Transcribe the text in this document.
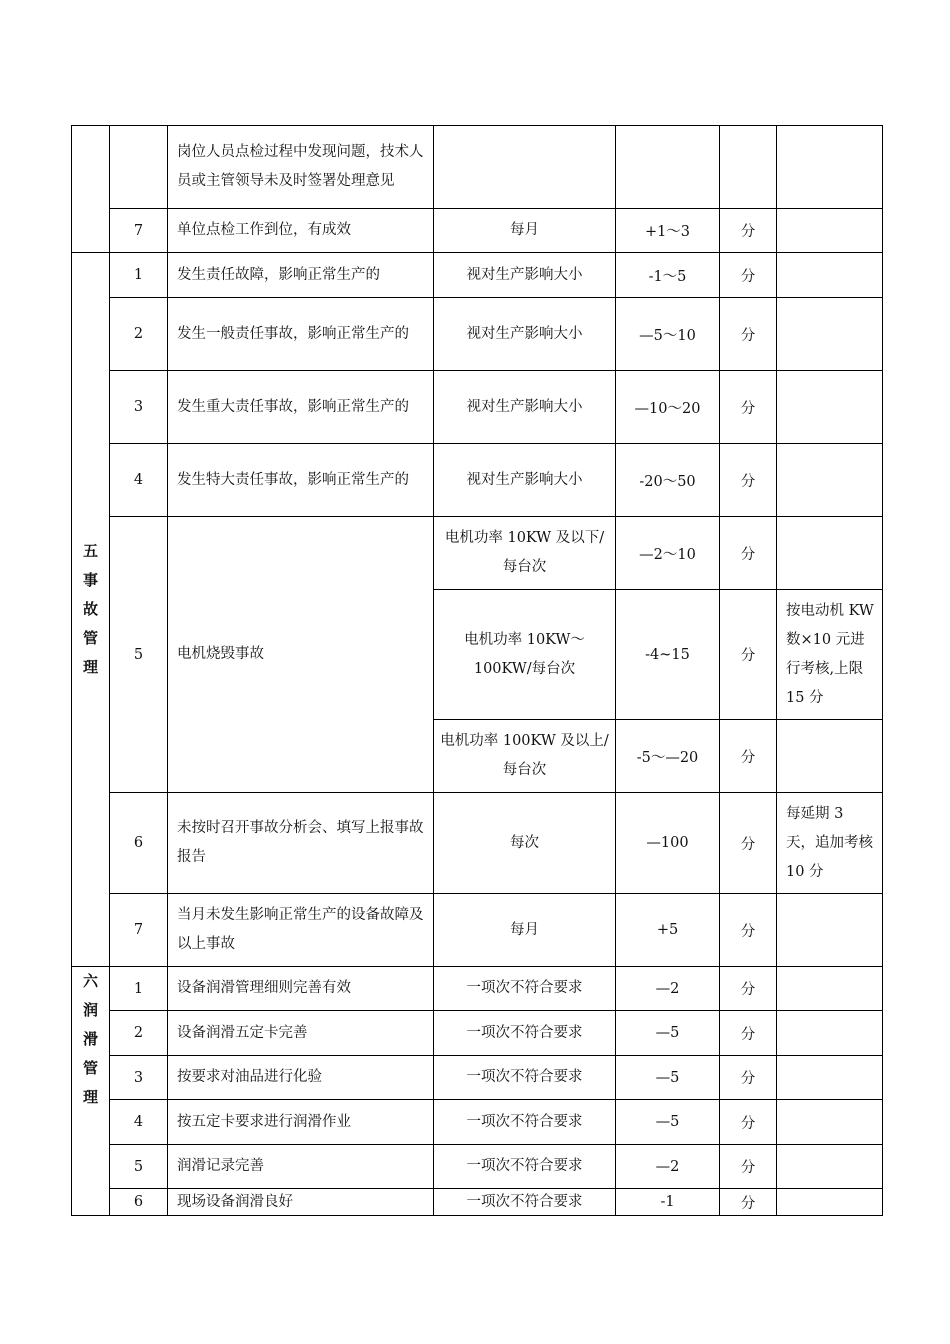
		岗位人员点检过程中发现问题，技术人员或主管领导未及时签署处理意见				
	7	单位点检工作到位，有成效	每月	+1～3	分	

五
事
故
管
理	1	发生责任故障，影响正常生产的	视对生产影响大小	-1～5	分	
	2	发生一般责任事故，影响正常生产的	视对生产影响大小	—5～10	分	
	3	发生重大责任事故，影响正常生产的	视对生产影响大小	—10～20	分	
	4	发生特大责任事故，影响正常生产的	视对生产影响大小	-20～50	分	
	5	电机烧毁事故	电机功率 10KW 及以下/每台次	—2～10	分	
			电机功率 10KW～100KW/每台次	-4~15	分	按电动机 KW 数×10 元进行考核,上限 15 分
			电机功率 100KW 及以上/每台次	-5～—20	分	
	6	未按时召开事故分析会、填写上报事故报告	每次	—100	分	每延期 3 天，追加考核 10 分
	7	当月未发生影响正常生产的设备故障及以上事故	每月	+5	分	

六
润
滑
管
理	1	设备润滑管理细则完善有效	一项次不符合要求	—2	分	
	2	设备润滑五定卡完善	一项次不符合要求	—5	分	
	3	按要求对油品进行化验	一项次不符合要求	—5	分	
	4	按五定卡要求进行润滑作业	一项次不符合要求	—5	分	
	5	润滑记录完善	一项次不符合要求	—2	分	
	6	现场设备润滑良好	一项次不符合要求	-1	分	
